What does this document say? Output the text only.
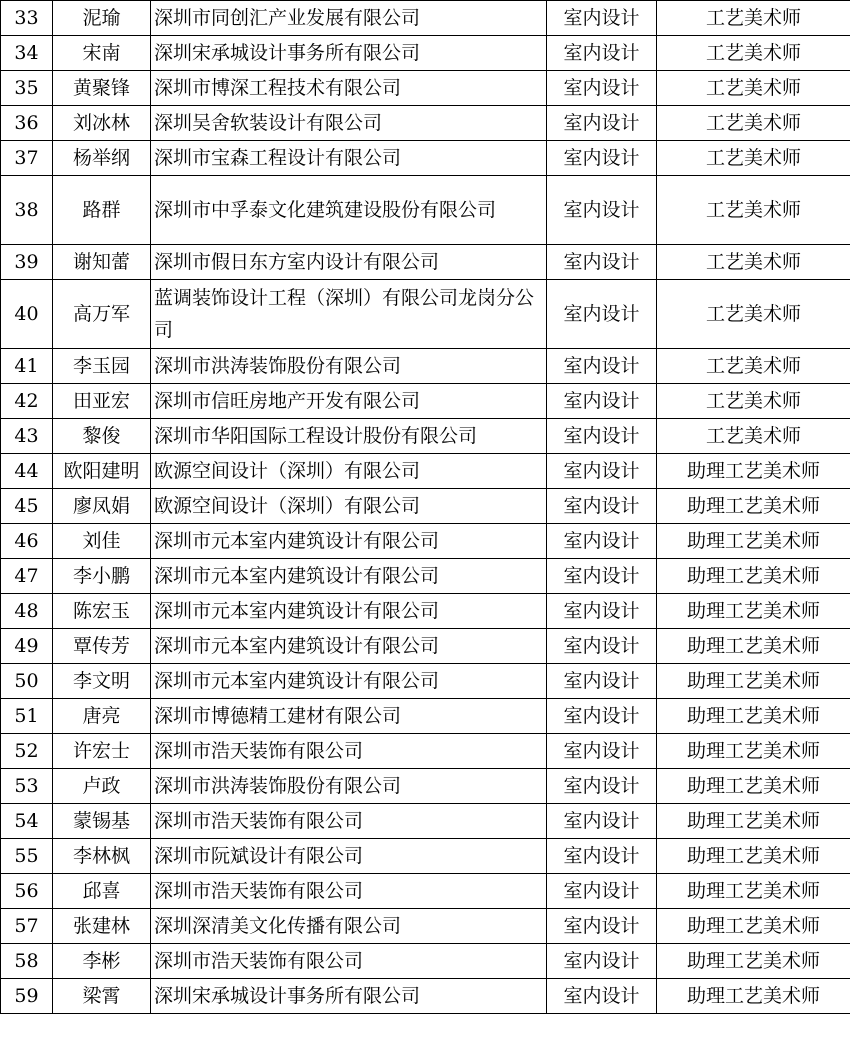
33	泥瑜	深圳市同创汇产业发展有限公司	室内设计	工艺美术师
34	宋南	深圳宋承城设计事务所有限公司	室内设计	工艺美术师
35	黄聚锋	深圳市博深工程技术有限公司	室内设计	工艺美术师
36	刘冰林	深圳吴舍软装设计有限公司	室内设计	工艺美术师
37	杨举纲	深圳市宝森工程设计有限公司	室内设计	工艺美术师
38	路群	深圳市中孚泰文化建筑建设股份有限公司	室内设计	工艺美术师
39	谢知蕾	深圳市假日东方室内设计有限公司	室内设计	工艺美术师
40	高万军	蓝调装饰设计工程（深圳）有限公司龙岗分公司	室内设计	工艺美术师
41	李玉园	深圳市洪涛装饰股份有限公司	室内设计	工艺美术师
42	田亚宏	深圳市信旺房地产开发有限公司	室内设计	工艺美术师
43	黎俊	深圳市华阳国际工程设计股份有限公司	室内设计	工艺美术师
44	欧阳建明	欧源空间设计（深圳）有限公司	室内设计	助理工艺美术师
45	廖凤娟	欧源空间设计（深圳）有限公司	室内设计	助理工艺美术师
46	刘佳	深圳市元本室内建筑设计有限公司	室内设计	助理工艺美术师
47	李小鹏	深圳市元本室内建筑设计有限公司	室内设计	助理工艺美术师
48	陈宏玉	深圳市元本室内建筑设计有限公司	室内设计	助理工艺美术师
49	覃传芳	深圳市元本室内建筑设计有限公司	室内设计	助理工艺美术师
50	李文明	深圳市元本室内建筑设计有限公司	室内设计	助理工艺美术师
51	唐亮	深圳市博德精工建材有限公司	室内设计	助理工艺美术师
52	许宏士	深圳市浩天装饰有限公司	室内设计	助理工艺美术师
53	卢政	深圳市洪涛装饰股份有限公司	室内设计	助理工艺美术师
54	蒙锡基	深圳市浩天装饰有限公司	室内设计	助理工艺美术师
55	李林枫	深圳市阮斌设计有限公司	室内设计	助理工艺美术师
56	邱喜	深圳市浩天装饰有限公司	室内设计	助理工艺美术师
57	张建林	深圳深清美文化传播有限公司	室内设计	助理工艺美术师
58	李彬	深圳市浩天装饰有限公司	室内设计	助理工艺美术师
59	梁霄	深圳宋承城设计事务所有限公司	室内设计	助理工艺美术师
